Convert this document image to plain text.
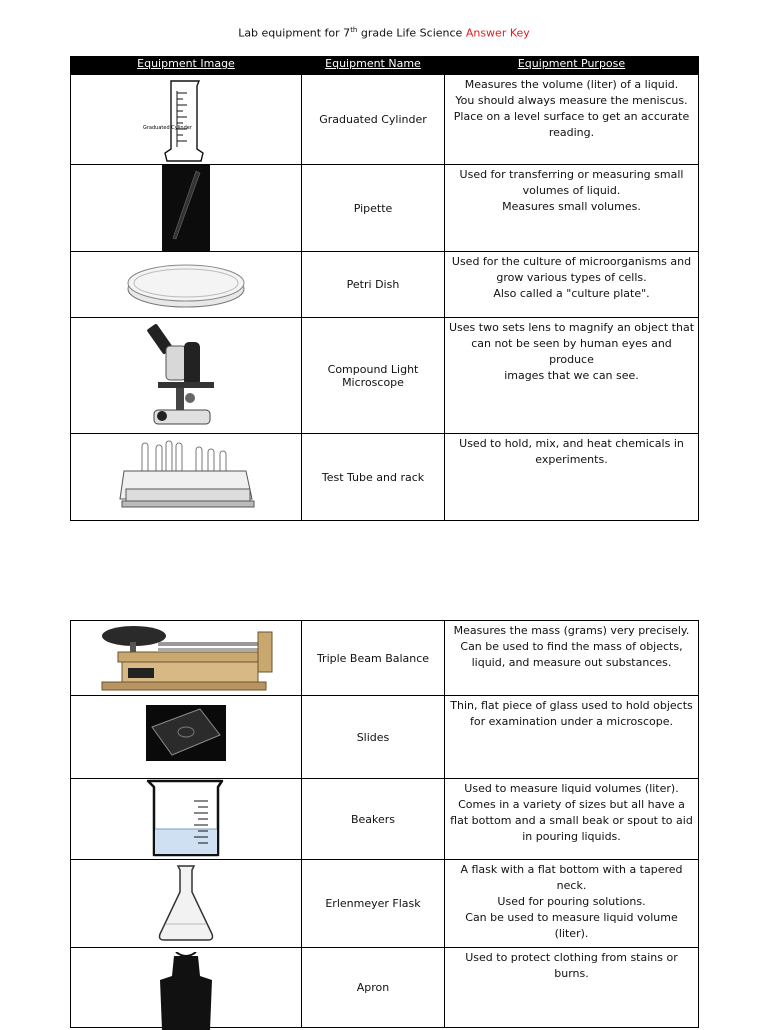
Lab equipment for 7th grade Life Science Answer Key
Equipment Image	Equipment Name	Equipment Purpose

Graduated Cylinder	Graduated Cylinder	Measures the volume (liter) of a liquid.
You should always measure the meniscus.
Place on a level surface to get an accurate
reading.

	Pipette	Used for transferring or measuring small
volumes of liquid.
Measures small volumes.

	Petri Dish	Used for the culture of microorganisms and
grow various types of cells.
Also called a "culture plate".

	Compound Light Microscope	Uses two sets lens to magnify an object that
can not be seen by human eyes and produce
images that we can see.

	Test Tube and rack	Used to hold, mix, and heat chemicals in
experiments.
	Triple Beam Balance	Measures the mass (grams) very precisely.
Can be used to find the mass of objects,
liquid, and measure out substances.

	Slides	Thin, flat piece of glass used to hold objects
for examination under a microscope.

	Beakers	Used to measure liquid volumes (liter).
Comes in a variety of sizes but all have a
flat bottom and a small beak or spout to aid
in pouring liquids.

	Erlenmeyer Flask	A flask with a flat bottom with a tapered
neck.
Used for pouring solutions.
Can be used to measure liquid volume (liter).

	Apron	Used to protect clothing from stains or
burns.
